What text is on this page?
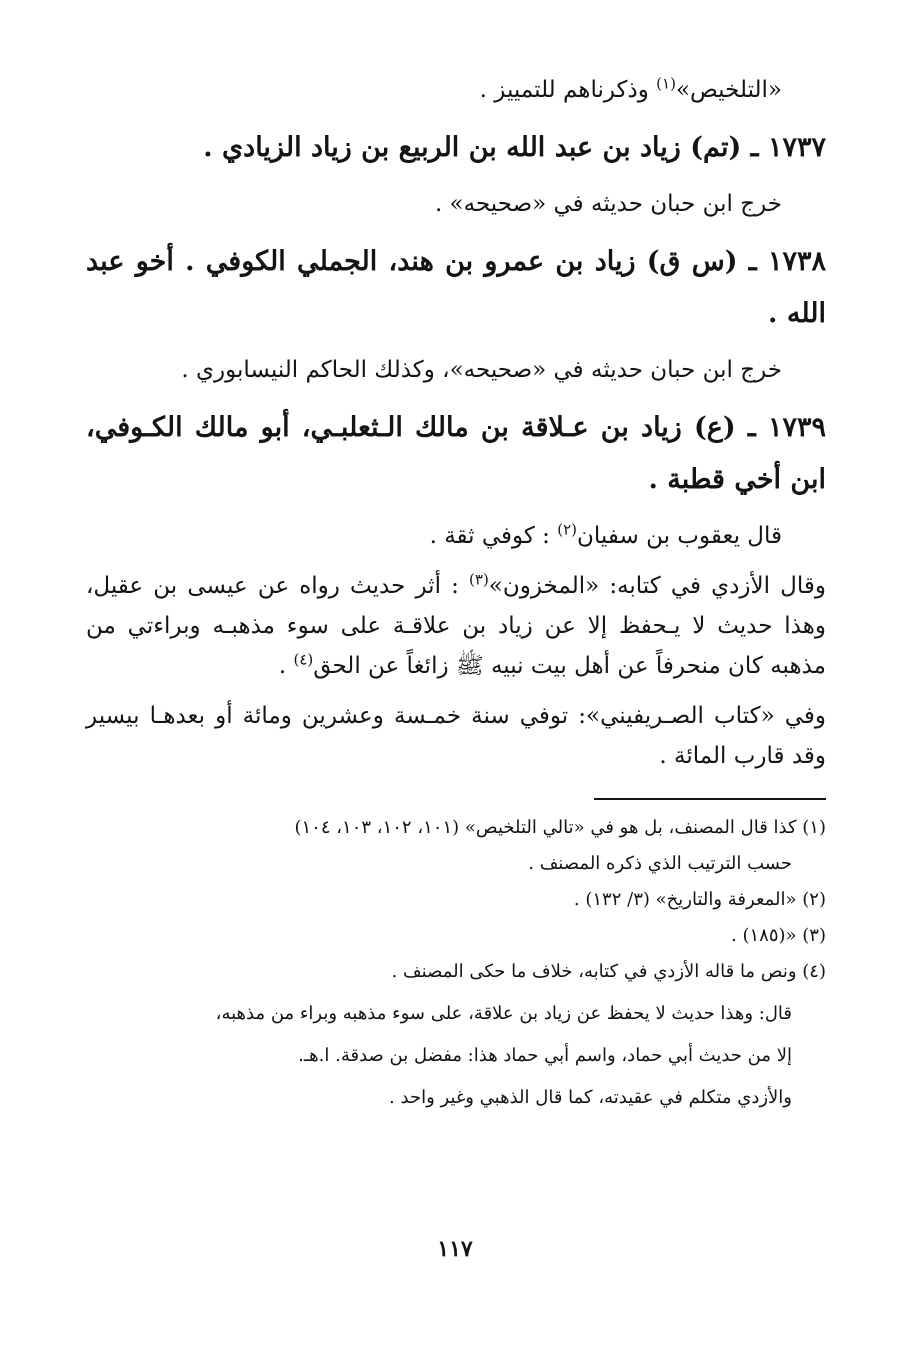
«التلخيص»$^{(١)}$ وذكرناهم للتمييز .

١٧٣٧ ـ (تم) زياد بن عبد الله بن الربيع بن زياد الزيادي .

خرج ابن حبان حديثه في «صحيحه» .

١٧٣٨ ـ (س ق) زياد بن عمرو بن هند، الجملي الكوفي . أخو عبد الله .

خرج ابن حبان حديثه في «صحيحه»، وكذلك الحاكم النيسابوري .

١٧٣٩ ـ (ع) زياد بن عـلاقة بن مالك الـثعلبـي، أبو مالك الكـوفي، ابن أخي قطبة .

قال يعقوب بن سفيان$^{(٢)}$ : كوفي ثقة .

وقال الأزدي في كتابه: «المخزون»$^{(٣)}$ : أثر حديث رواه عن عيسى بن عقيل، وهذا حديث لا يـحفظ إلا عن زياد بن علاقـة على سوء مذهبـه وبراءتي من مذهبه كان منحرفاً عن أهل بيت نبيه ﷺ زائغاً عن الحق$^{(٤)}$ .

وفي «كتاب الصـريفيني»: توفي سنة خمـسة وعشرين ومائة أو بعدهـا بيسير وقد قارب المائة .

(١) كذا قال المصنف، بل هو في «تالي التلخيص» (١٠١، ١٠٢، ١٠٣، ١٠٤)

حسب الترتيب الذي ذكره المصنف .

(٢) «المعرفة والتاريخ» (٣/ ١٣٢) .

(٣) «(١٨٥) .

(٤) ونص ما قاله الأزدي في كتابه، خلاف ما حكى المصنف .

قال: وهذا حديث لا يحفظ عن زياد بن علاقة، على سوء مذهبه وبراء من مذهبه،

إلا من حديث أبي حماد، واسم أبي حماد هذا: مفضل بن صدقة. ا.هـ.

والأزدي متكلم في عقيدته، كما قال الذهبي وغير واحد .

١١٧
